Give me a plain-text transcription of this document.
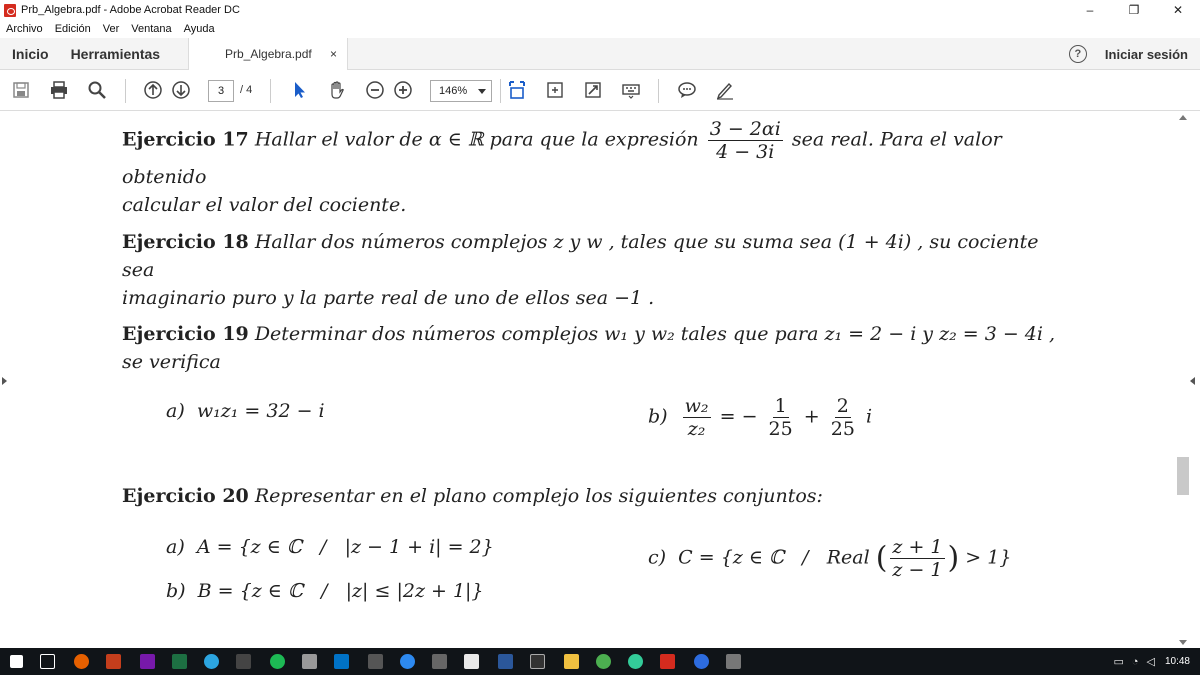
Prb_Algebra.pdf - Adobe Acrobat Reader DC	–	❐	✕
Archivo Edición Ver Ventana Ayuda
Inicio Herramientas	Prb_Algebra.pdf ×	?	Iniciar sesión
3	/ 4	146%
Ejercicio 17 Hallar el valor de α ∈ ℝ para que la expresión $\frac{3 - 2\alpha i}{4 - 3i}$ sea real. Para el valor obtenido
calcular el valor del cociente.
Ejercicio 18 Hallar dos números complejos z y w , tales que su suma sea (1 + 4i) , su cociente sea
imaginario puro y la parte real de uno de ellos sea −1 .
Ejercicio 19 Determinar dos números complejos w₁ y w₂ tales que para z₁ = 2 − i y z₂ = 3 − 4i ,
se verifica
a) w₁z₁ = 32 − i	$b) \frac{\text{w₂}}{\text{z₂}}$ = − $\frac{1}{25} + \frac{2}{25}$ i
Ejercicio 20 Representar en el plano complejo los siguientes conjuntos:
a) A = {z ∈ ℂ   /   |z − 1 + i| = 2}
b) B = {z ∈ ℂ   /   |z| ≤ |2z + 1|}
c) C = {z ∈ ℂ   /   Real ( $\frac{z + 1}{z - 1}$ ) > 1}
▭ ◔ ◁ 10:48
